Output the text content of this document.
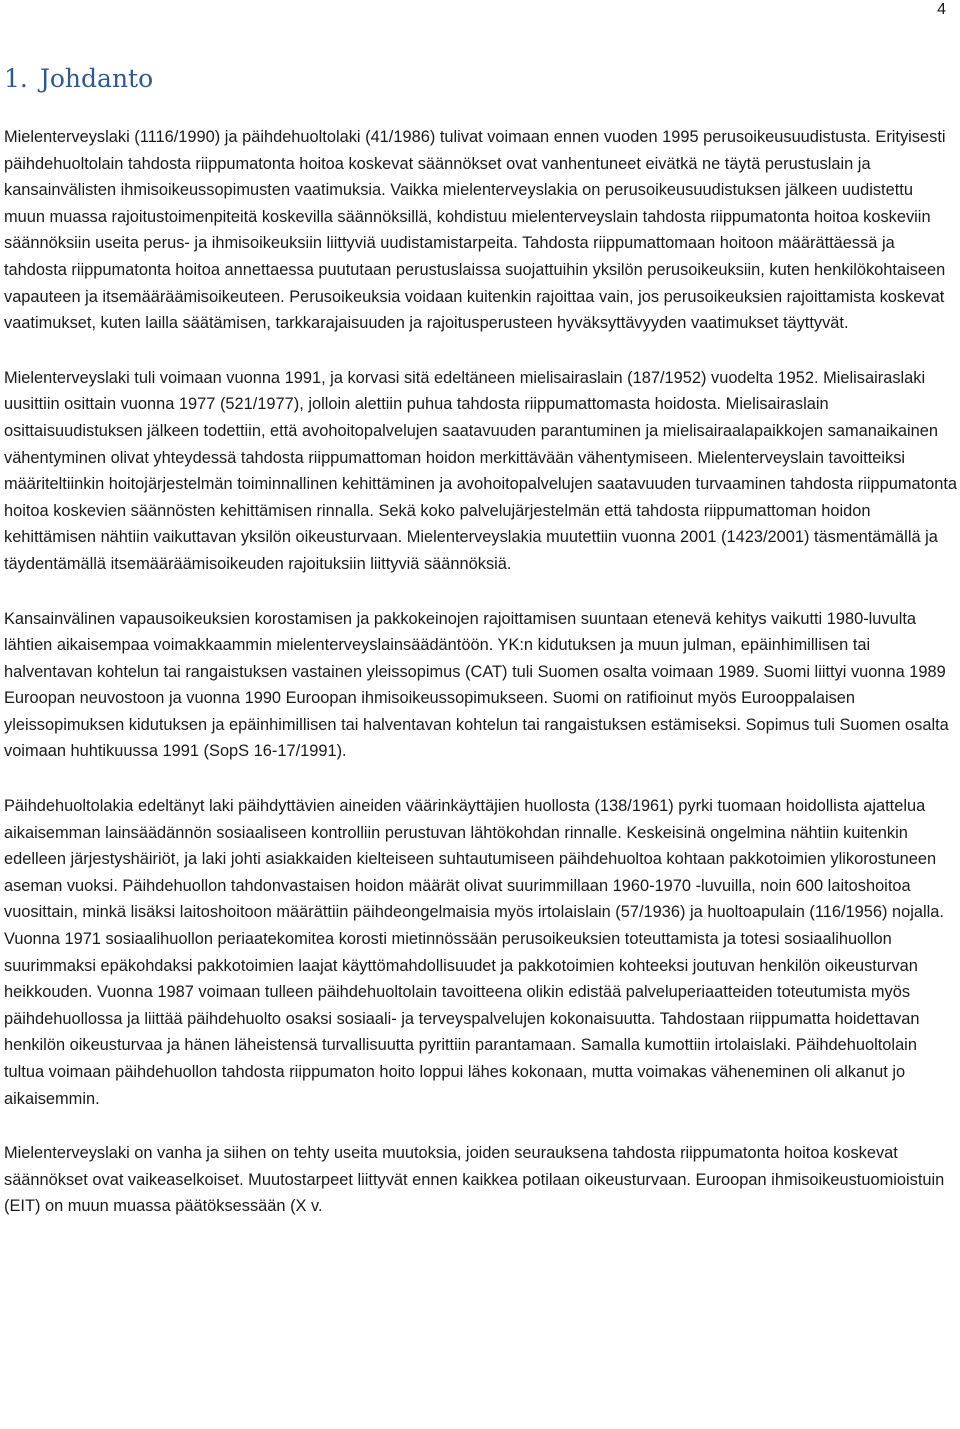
4
1. Johdanto

Mielenterveyslaki (1116/1990) ja päihdehuoltolaki (41/1986) tulivat voimaan ennen vuoden 1995 perusoikeusuudistusta. Erityisesti päihdehuoltolain tahdosta riippumatonta hoitoa koskevat säännökset ovat vanhentuneet eivätkä ne täytä perustuslain ja kansainvälisten ihmisoikeussopimusten vaatimuksia. Vaikka mielenterveyslakia on perusoikeusuudistuksen jälkeen uudistettu muun muassa rajoitustoimenpiteitä koskevilla säännöksillä, kohdistuu mielenterveyslain tahdosta riippumatonta hoitoa koskeviin säännöksiin useita perus- ja ihmisoikeuksiin liittyviä uudistamistarpeita. Tahdosta riippumattomaan hoitoon määrättäessä ja tahdosta riippumatonta hoitoa annettaessa puututaan perustuslaissa suojattuihin yksilön perusoikeuksiin, kuten henkilökohtaiseen vapauteen ja itsemääräämisoikeuteen. Perusoikeuksia voidaan kuitenkin rajoittaa vain, jos perusoikeuksien rajoittamista koskevat vaatimukset, kuten lailla säätämisen, tarkkarajaisuuden ja rajoitusperusteen hyväksyttävyyden vaatimukset täyttyvät.

Mielenterveyslaki tuli voimaan vuonna 1991, ja korvasi sitä edeltäneen mielisairaslain (187/1952) vuodelta 1952. Mielisairaslaki uusittiin osittain vuonna 1977 (521/1977), jolloin alettiin puhua tahdosta riippumattomasta hoidosta. Mielisairaslain osittaisuudistuksen jälkeen todettiin, että avohoitopalvelujen saatavuuden parantuminen ja mielisairaalapaikkojen samanaikainen vähentyminen olivat yhteydessä tahdosta riippumattoman hoidon merkittävään vähentymiseen. Mielenterveyslain tavoitteiksi määriteltiinkin hoitojärjestelmän toiminnallinen kehittäminen ja avohoitopalvelujen saatavuuden turvaaminen tahdosta riippumatonta hoitoa koskevien säännösten kehittämisen rinnalla. Sekä koko palvelujärjestelmän että tahdosta riippumattoman hoidon kehittämisen nähtiin vaikuttavan yksilön oikeusturvaan. Mielenterveyslakia muutettiin vuonna 2001 (1423/2001) täsmentämällä ja täydentämällä itsemääräämisoikeuden rajoituksiin liittyviä säännöksiä.

Kansainvälinen vapausoikeuksien korostamisen ja pakkokeinojen rajoittamisen suuntaan etenevä kehitys vaikutti 1980-luvulta lähtien aikaisempaa voimakkaammin mielenterveyslainsäädäntöön. YK:n kidutuksen ja muun julman, epäinhimillisen tai halventavan kohtelun tai rangaistuksen vastainen yleissopimus (CAT) tuli Suomen osalta voimaan 1989. Suomi liittyi vuonna 1989 Euroopan neuvostoon ja vuonna 1990 Euroopan ihmisoikeussopimukseen. Suomi on ratifioinut myös Eurooppalaisen yleissopimuksen kidutuksen ja epäinhimillisen tai halventavan kohtelun tai rangaistuksen estämiseksi. Sopimus tuli Suomen osalta voimaan huhtikuussa 1991 (SopS 16-17/1991).

Päihdehuoltolakia edeltänyt laki päihdyttävien aineiden väärinkäyttäjien huollosta (138/1961) pyrki tuomaan hoidollista ajattelua aikaisemman lainsäädännön sosiaaliseen kontrolliin perustuvan lähtökohdan rinnalle. Keskeisinä ongelmina nähtiin kuitenkin edelleen järjestyshäiriöt, ja laki johti asiakkaiden kielteiseen suhtautumiseen päihdehuoltoa kohtaan pakkotoimien ylikorostuneen aseman vuoksi. Päihdehuollon tahdonvastaisen hoidon määrät olivat suurimmillaan 1960-1970 -luvuilla, noin 600 laitoshoitoa vuosittain, minkä lisäksi laitoshoitoon määrättiin päihdeongelmaisia myös irtolaislain (57/1936) ja huoltoapulain (116/1956) nojalla. Vuonna 1971 sosiaalihuollon periaatekomitea korosti mietinnössään perusoikeuksien toteuttamista ja totesi sosiaalihuollon suurimmaksi epäkohdaksi pakkotoimien laajat käyttömahdollisuudet ja pakkotoimien kohteeksi joutuvan henkilön oikeusturvan heikkouden. Vuonna 1987 voimaan tulleen päihdehuoltolain tavoitteena olikin edistää palveluperiaatteiden toteutumista myös päihdehuollossa ja liittää päihdehuolto osaksi sosiaali- ja terveyspalvelujen kokonaisuutta. Tahdostaan riippumatta hoidettavan henkilön oikeusturvaa ja hänen läheistensä turvallisuutta pyrittiin parantamaan. Samalla kumottiin irtolaislaki. Päihdehuoltolain tultua voimaan päihdehuollon tahdosta riippumaton hoito loppui lähes kokonaan, mutta voimakas väheneminen oli alkanut jo aikaisemmin.

Mielenterveyslaki on vanha ja siihen on tehty useita muutoksia, joiden seurauksena tahdosta riippumatonta hoitoa koskevat säännökset ovat vaikeaselkoiset. Muutostarpeet liittyvät ennen kaikkea potilaan oikeusturvaan. Euroopan ihmisoikeustuomioistuin (EIT) on muun muassa päätöksessään (X v.
